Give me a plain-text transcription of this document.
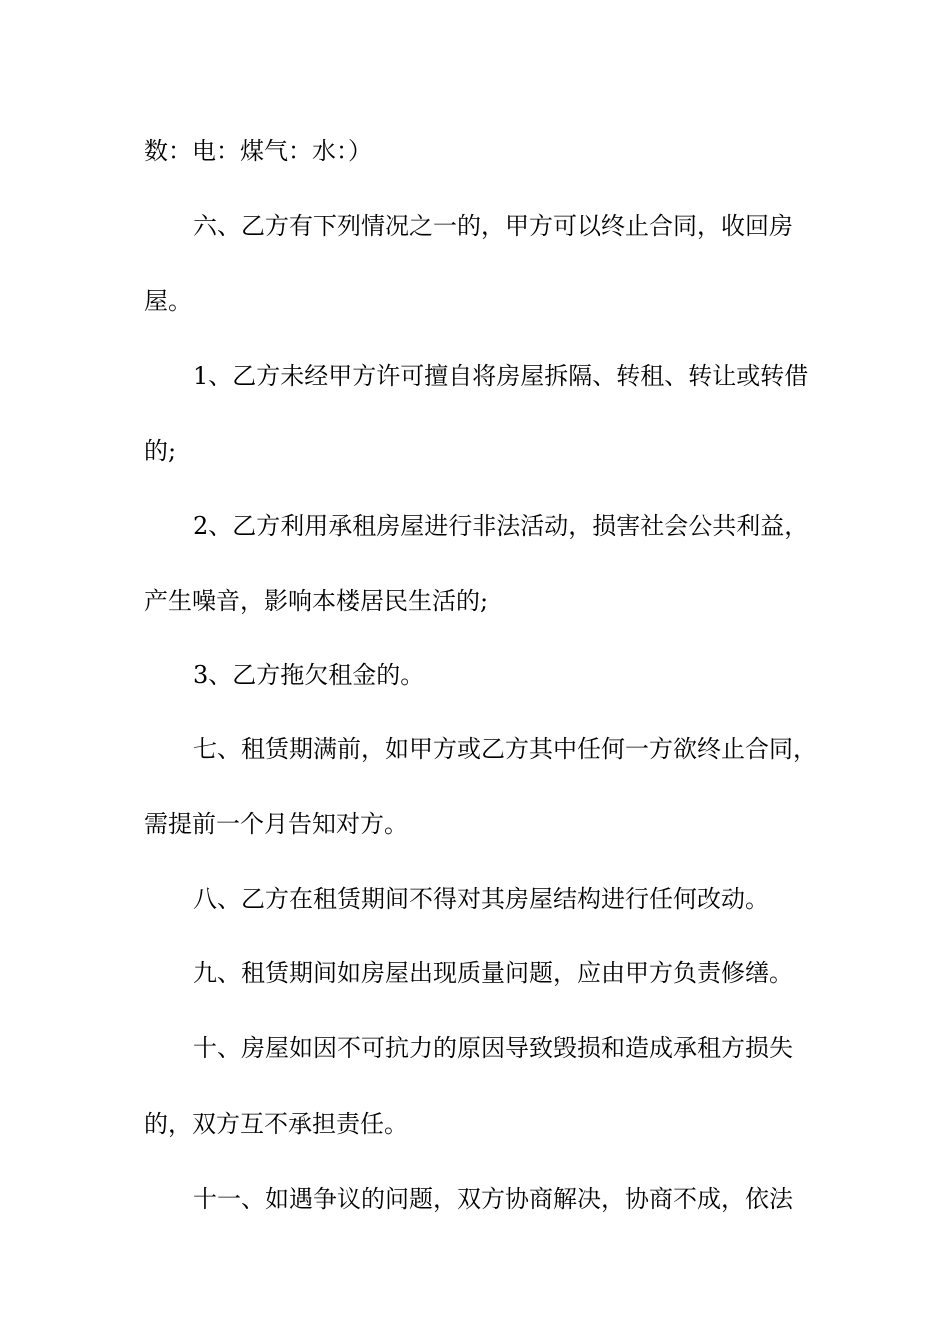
数：电：煤气：水：）
六、乙方有下列情况之一的，甲方可以终止合同，收回房
屋。
1、乙方未经甲方许可擅自将房屋拆隔、转租、转让或转借
的;
2、乙方利用承租房屋进行非法活动，损害社会公共利益，
产生噪音，影响本楼居民生活的;
3、乙方拖欠租金的。
七、租赁期满前，如甲方或乙方其中任何一方欲终止合同，
需提前一个月告知对方。
八、乙方在租赁期间不得对其房屋结构进行任何改动。
九、租赁期间如房屋出现质量问题，应由甲方负责修缮。
十、房屋如因不可抗力的原因导致毁损和造成承租方损失
的，双方互不承担责任。
十一、如遇争议的问题，双方协商解决，协商不成，依法
